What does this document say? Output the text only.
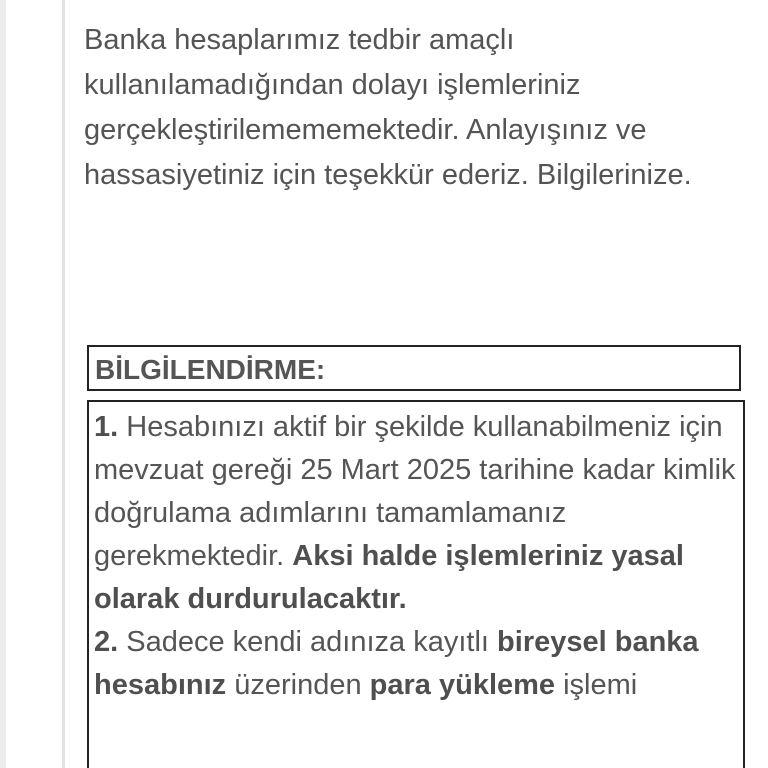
Banka hesaplarımız tedbir amaçlı kullanılamadığından dolayı işlemleriniz gerçekleştirilemememektedir. Anlayışınız ve hassasiyetiniz için teşekkür ederiz. Bilgilerinize.

BİLGİLENDİRME:

1. Hesabınızı aktif bir şekilde kullanabilmeniz için mevzuat gereği 25 Mart 2025 tarihine kadar kimlik doğrulama adımlarını tamamlamanız gerekmektedir. Aksi halde işlemleriniz yasal olarak durdurulacaktır.

2. Sadece kendi adınıza kayıtlı bireysel banka hesabınız üzerinden para yükleme işlemi
